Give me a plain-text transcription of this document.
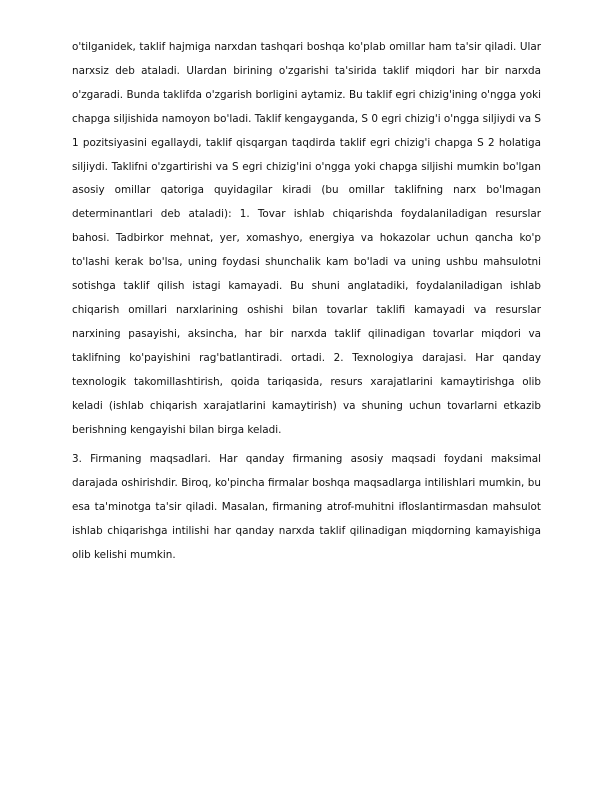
o'tilganidek, taklif hajmiga narxdan tashqari boshqa ko'plab omillar ham ta'sir qiladi. Ular narxsiz deb ataladi. Ulardan birining o'zgarishi ta'sirida taklif miqdori har bir narxda o'zgaradi. Bunda taklifda o'zgarish borligini aytamiz. Bu taklif egri chizig'ining o'ngga yoki chapga siljishida namoyon bo'ladi. Taklif kengayganda, S 0 egri chizig'i o'ngga siljiydi va S 1 pozitsiyasini egallaydi, taklif qisqargan taqdirda taklif egri chizig'i chapga S 2 holatiga siljiydi. Taklifni o'zgartirishi va S egri chizig'ini o'ngga yoki chapga siljishi mumkin bo'lgan asosiy omillar qatoriga quyidagilar kiradi (bu omillar taklifning narx bo'lmagan determinantlari deb ataladi): 1. Tovar ishlab chiqarishda foydalaniladigan resurslar bahosi. Tadbirkor mehnat, yer, xomashyo, energiya va hokazolar uchun qancha ko'p to'lashi kerak bo'lsa, uning foydasi shunchalik kam bo'ladi va uning ushbu mahsulotni sotishga taklif qilish istagi kamayadi. Bu shuni anglatadiki, foydalaniladigan ishlab chiqarish omillari narxlarining oshishi bilan tovarlar taklifi kamayadi va resurslar narxining pasayishi, aksincha, har bir narxda taklif qilinadigan tovarlar miqdori va taklifning ko'payishini rag'batlantiradi. ortadi. 2. Texnologiya darajasi. Har qanday texnologik takomillashtirish, qoida tariqasida, resurs xarajatlarini kamaytirishga olib keladi (ishlab chiqarish xarajatlarini kamaytirish) va shuning uchun tovarlarni etkazib berishning kengayishi bilan birga keladi.

3. Firmaning maqsadlari. Har qanday firmaning asosiy maqsadi foydani maksimal darajada oshirishdir. Biroq, ko'pincha firmalar boshqa maqsadlarga intilishlari mumkin, bu esa ta'minotga ta'sir qiladi. Masalan, firmaning atrof-muhitni ifloslantirmasdan mahsulot ishlab chiqarishga intilishi har qanday narxda taklif qilinadigan miqdorning kamayishiga olib kelishi mumkin.
